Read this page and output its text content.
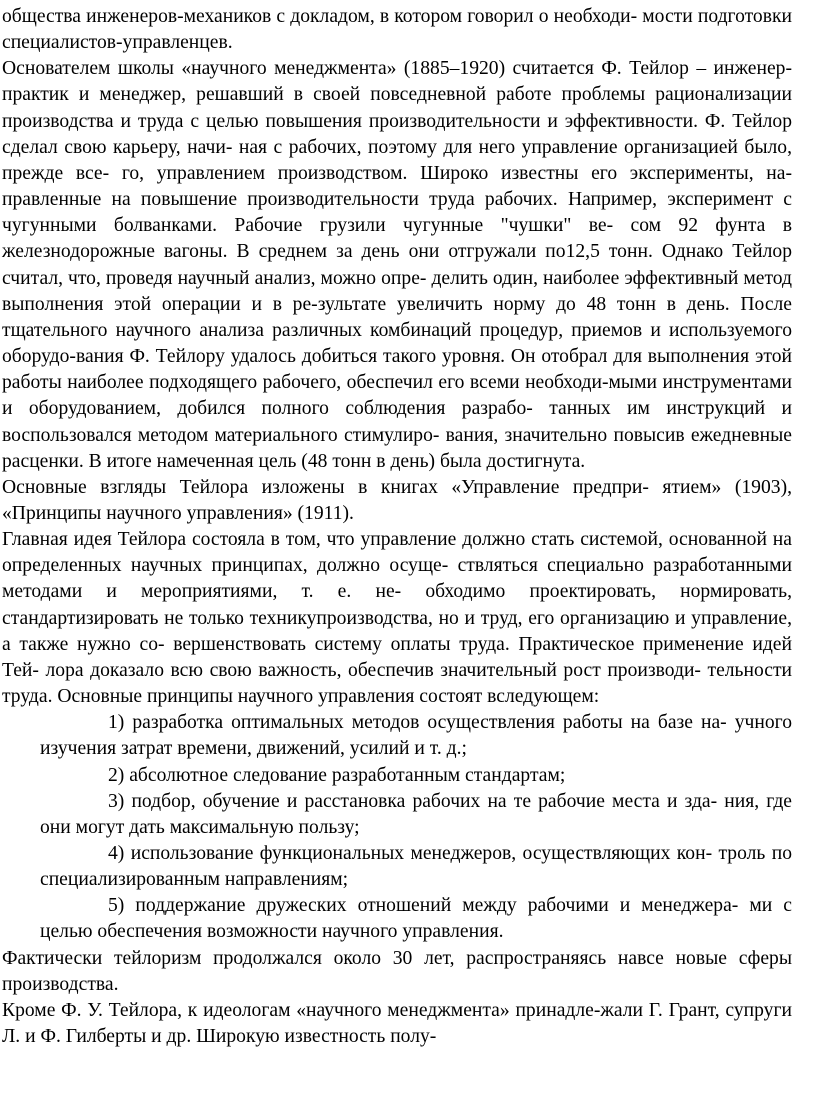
общества инженеров-механиков с докладом, в котором говорил о необходи- мости подготовки специалистов-управленцев.

Основателем школы «научного менеджмента» (1885–1920) считается Ф. Тейлор – инженер-практик и менеджер, решавший в своей повседневной работе проблемы рационализации производства и труда с целью повышения производительности и эффективности. Ф. Тейлор сделал свою карьеру, начи- ная с рабочих, поэтому для него управление организацией было, прежде все- го, управлением производством. Широко известны его эксперименты, на- правленные на повышение производительности труда рабочих. Например, эксперимент с чугунными болванками. Рабочие грузили чугунные "чушки" ве- сом 92 фунта в железнодорожные вагоны. В среднем за день они отгружали по12,5 тонн. Однако Тейлор считал, что, проведя научный анализ, можно опре- делить один, наиболее эффективный метод выполнения этой операции и в ре-зультате увеличить норму до 48 тонн в день. После тщательного научного анализа различных комбинаций процедур, приемов и используемого оборудо-вания Ф. Тейлору удалось добиться такого уровня. Он отобрал для выполнения этой работы наиболее подходящего рабочего, обеспечил его всеми необходи-мыми инструментами и оборудованием, добился полного соблюдения разрабо- танных им инструкций и воспользовался методом материального стимулиро- вания, значительно повысив ежедневные расценки. В итоге намеченная цель (48 тонн в день) была достигнута.

Основные взгляды Тейлора изложены в книгах «Управление предпри- ятием» (1903), «Принципы научного управления» (1911).

Главная идея Тейлора состояла в том, что управление должно стать системой, основанной на определенных научных принципах, должно осуще- ствляться специально разработанными методами и мероприятиями, т. е. не- обходимо проектировать, нормировать, стандартизировать не только техникупроизводства, но и труд, его организацию и управление, а также нужно со- вершенствовать систему оплаты труда. Практическое применение идей Тей- лора доказало всю свою важность, обеспечив значительный рост производи- тельности труда. Основные принципы научного управления состоят вследующем:

1) разработка оптимальных методов осуществления работы на базе на- учного изучения затрат времени, движений, усилий и т. д.;

2) абсолютное следование разработанным стандартам;

3) подбор, обучение и расстановка рабочих на те рабочие места и зда- ния, где они могут дать максимальную пользу;

4) использование функциональных менеджеров, осуществляющих кон- троль по специализированным направлениям;

5) поддержание дружеских отношений между рабочими и менеджера- ми с целью обеспечения возможности научного управления.

Фактически тейлоризм продолжался около 30 лет, распространяясь навсе новые сферы производства.

Кроме Ф. У. Тейлора, к идеологам «научного менеджмента» принадле-жали Г. Грант, супруги Л. и Ф. Гилберты и др. Широкую известность полу-
